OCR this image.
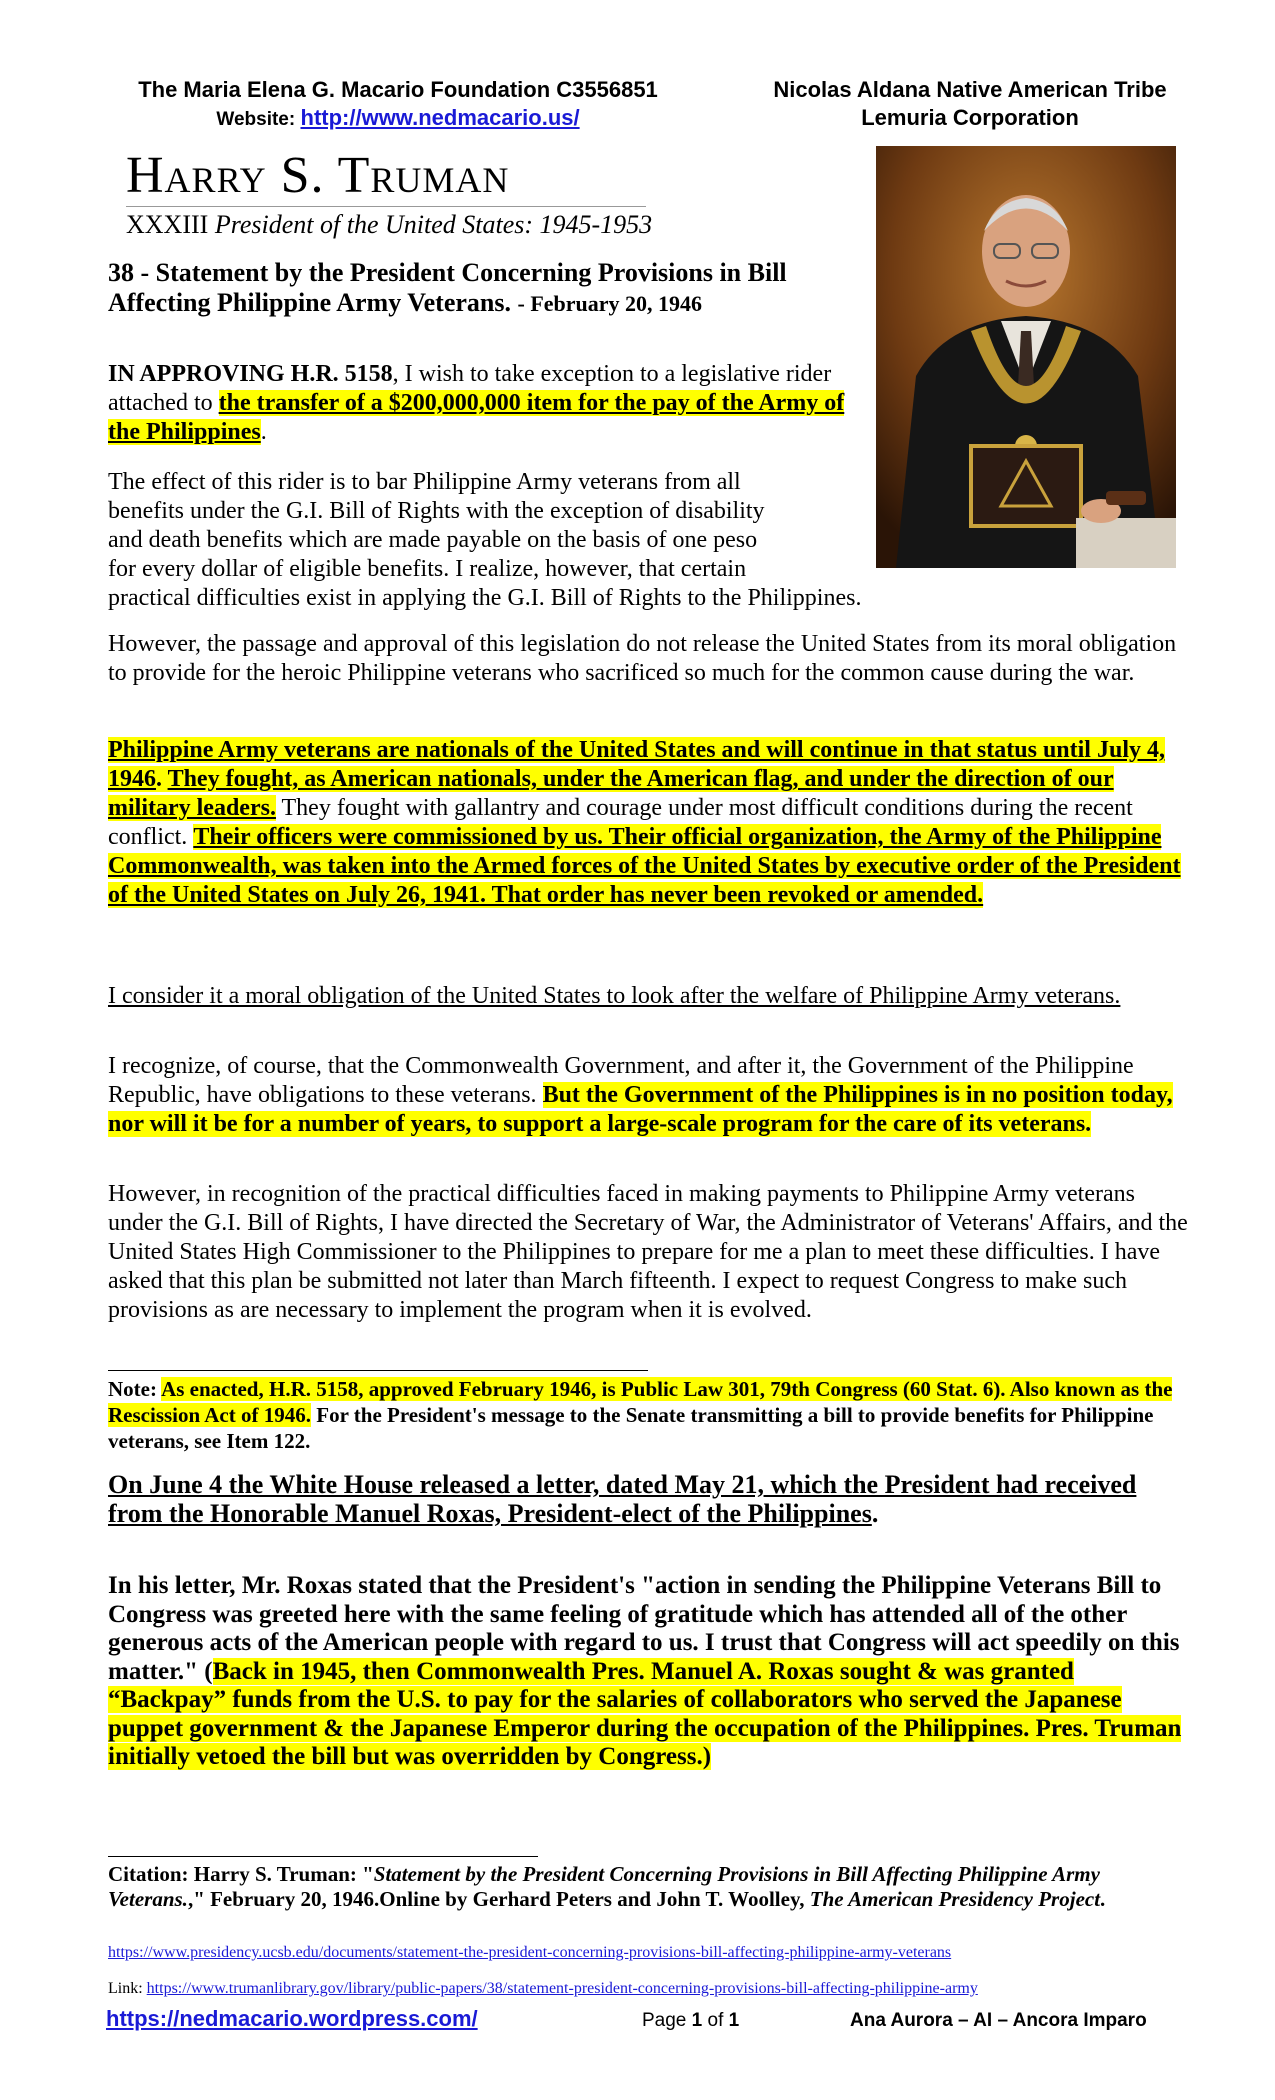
The Maria Elena G. Macario Foundation C3556851
Website: http://www.nedmacario.us/
Nicolas Aldana Native American Tribe
Lemuria Corporation
Harry S. Truman
XXXIII President of the United States: 1945-1953
38 - Statement by the President Concerning Provisions in Bill Affecting Philippine Army Veterans. - February 20, 1946
IN APPROVING H.R. 5158, I wish to take exception to a legislative rider attached to the transfer of a $200,000,000 item for the pay of the Army of the Philippines.
The effect of this rider is to bar Philippine Army veterans from all
benefits under the G.I. Bill of Rights with the exception of disability
and death benefits which are made payable on the basis of one peso
for every dollar of eligible benefits. I realize, however, that certain
practical difficulties exist in applying the G.I. Bill of Rights to the Philippines.
However, the passage and approval of this legislation do not release the United States from its moral obligation to provide for the heroic Philippine veterans who sacrificed so much for the common cause during the war.
Philippine Army veterans are nationals of the United States and will continue in that status until July 4, 1946. They fought, as American nationals, under the American flag, and under the direction of our military leaders. They fought with gallantry and courage under most difficult conditions during the recent conflict. Their officers were commissioned by us. Their official organization, the Army of the Philippine Commonwealth, was taken into the Armed forces of the United States by executive order of the President of the United States on July 26, 1941. That order has never been revoked or amended.
I consider it a moral obligation of the United States to look after the welfare of Philippine Army veterans.
I recognize, of course, that the Commonwealth Government, and after it, the Government of the Philippine Republic, have obligations to these veterans. But the Government of the Philippines is in no position today, nor will it be for a number of years, to support a large-scale program for the care of its veterans.
However, in recognition of the practical difficulties faced in making payments to Philippine Army veterans under the G.I. Bill of Rights, I have directed the Secretary of War, the Administrator of Veterans' Affairs, and the United States High Commissioner to the Philippines to prepare for me a plan to meet these difficulties. I have asked that this plan be submitted not later than March fifteenth. I expect to request Congress to make such provisions as are necessary to implement the program when it is evolved.
Note: As enacted, H.R. 5158, approved February 1946, is Public Law 301, 79th Congress (60 Stat. 6). Also known as the Rescission Act of 1946. For the President's message to the Senate transmitting a bill to provide benefits for Philippine veterans, see Item 122.
On June 4 the White House released a letter, dated May 21, which the President had received from the Honorable Manuel Roxas, President-elect of the Philippines.
In his letter, Mr. Roxas stated that the President's "action in sending the Philippine Veterans Bill to Congress was greeted here with the same feeling of gratitude which has attended all of the other generous acts of the American people with regard to us. I trust that Congress will act speedily on this matter." (Back in 1945, then Commonwealth Pres. Manuel A. Roxas sought & was granted “Backpay” funds from the U.S. to pay for the salaries of collaborators who served the Japanese puppet government & the Japanese Emperor during the occupation of the Philippines. Pres. Truman initially vetoed the bill but was overridden by Congress.)
Citation: Harry S. Truman: "Statement by the President Concerning Provisions in Bill Affecting Philippine Army Veterans.," February 20, 1946.Online by Gerhard Peters and John T. Woolley, The American Presidency Project.
https://www.presidency.ucsb.edu/documents/statement-the-president-concerning-provisions-bill-affecting-philippine-army-veterans
Link: https://www.trumanlibrary.gov/library/public-papers/38/statement-president-concerning-provisions-bill-affecting-philippine-army
https://nedmacario.wordpress.com/	Page 1 of 1	Ana Aurora – AI – Ancora Imparo
